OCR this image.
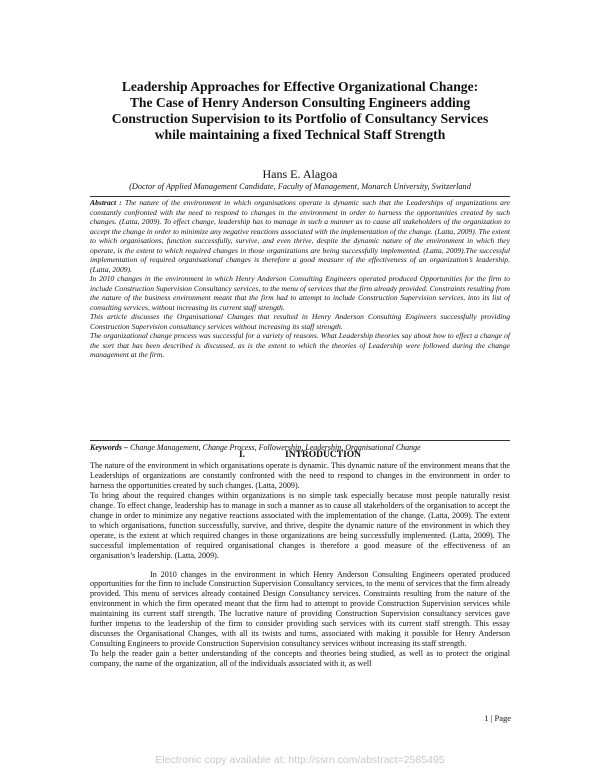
Leadership Approaches for Effective Organizational Change:
The Case of Henry Anderson Consulting Engineers adding
Construction Supervision to its Portfolio of Consultancy Services
while maintaining a fixed Technical Staff Strength
Hans E. Alagoa
(Doctor of Applied Management Candidate, Faculty of Management, Monarch University, Switzerland

Abstract : The nature of the environment in which organisations operate is dynamic such that the Leaderships of organizations are constantly confronted with the need to respond to changes in the environment in order to harness the opportunities created by such changes. (Latta, 2009). To effect change, leadership has to manage in such a manner as to cause all stakeholders of the organization to accept the change in order to minimize any negative reactions associated with the implementation of the change. (Latta, 2009). The extent to which organisations, function successfully, survive, and even thrive, despite the dynamic nature of the environment in which they operate, is the extent to which required changes in those organizations are being successfully implemented. (Latta, 2009).The successful implementation of required organisational changes is therefore a good measure of the effectiveness of an organization’s leadership. (Latta, 2009).

In 2010 changes in the environment in which Henry Anderson Consulting Engineers operated produced Opportunities for the firm to include Construction Supervision Consultancy services, to the menu of services that the firm already provided. Constraints resulting from the nature of the business environment meant that the firm had to attempt to include Construction Supervision services, into its list of consulting services, without increasing its current staff strength.

This article discusses the Organisational Changes that resulted in Henry Anderson Consulting Engineers successfully providing Construction Supervision consultancy services without increasing its staff strength.

The organizational change process was successful for a variety of reasons. What Leadership theories say about how to effect a change of the sort that has been described is discussed, as is the extent to which the theories of Leadership were followed during the change management at the firm.

Keywords – Change Management, Change Process, Followership, Leadership, Organisational Change
I.	INTRODUCTION

The nature of the environment in which organisations operate is dynamic. This dynamic nature of the environment means that the Leaderships of organizations are constantly confronted with the need to respond to changes in the environment in order to harness the opportunities created by such changes. (Latta, 2009).

To bring about the required changes within organizations is no simple task especially because most people naturally resist change. To effect change, leadership has to manage in such a manner as to cause all stakeholders of the organisation to accept the change in order to minimize any negative reactions associated with the implementation of the change. (Latta, 2009). The extent to which organisations, function successfully, survive, and thrive, despite the dynamic nature of the environment in which they operate, is the extent at which required changes in those organizations are being successfully implemented. (Latta, 2009). The successful implementation of required organisational changes is therefore a good measure of the effectiveness of an organisation’s leadership. (Latta, 2009).

In 2010 changes in the environment in which Henry Anderson Consulting Engineers operated produced opportunities for the firm to include Construction Supervision Consultancy services, to the menu of services that the firm already provided. This menu of services already contained Design Consultancy services. Constraints resulting from the nature of the environment in which the firm operated meant that the firm had to attempt to provide Construction Supervision services while maintaining its current staff strength. The lucrative nature of providing Construction Supervision consultancy services gave further impetus to the leadership of the firm to consider providing such services with its current staff strength. This essay discusses the Organisational Changes, with all its twists and turns, associated with making it possible for Henry Anderson Consulting Engineers to provide Construction Supervision consultancy services without increasing its staff strength.

To help the reader gain a better understanding of the concepts and theories being studied, as well as to protect the original company, the name of the organization, all of the individuals associated with it, as well

1 | Page
Electronic copy available at: http://ssrn.com/abstract=2585495
